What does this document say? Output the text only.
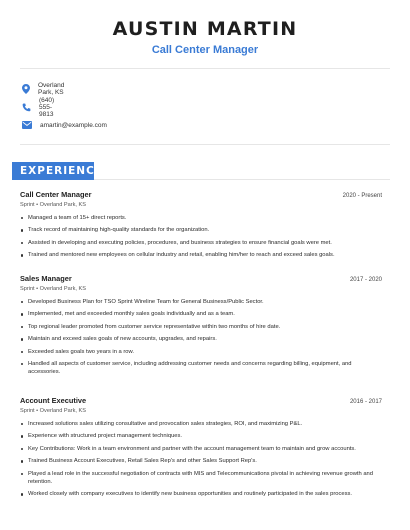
AUSTIN MARTIN
Call Center Manager
Overland Park, KS
(640) 555-9813
amartin@example.com
EXPERIENCE
Call Center Manager	2020 - Present
Sprint • Overland Park, KS
Managed a team of 15+ direct reports.
Track record of maintaining high-quality standards for the organization.
Assisted in developing and executing policies, procedures, and business strategies to ensure financial goals were met.
Trained and mentored new employees on cellular industry and retail, enabling him/her to reach and exceed sales goals.
Sales Manager	2017 - 2020
Sprint • Overland Park, KS
Developed Business Plan for TSO Sprint Wireline Team for General Business/Public Sector.
Implemented, met and exceeded monthly sales goals individually and as a team.
Top regional leader promoted from customer service representative within two months of hire date.
Maintain and exceed sales goals of new accounts, upgrades, and repairs.
Exceeded sales goals two years in a row.
Handled all aspects of customer service, including addressing customer needs and concerns regarding billing, equipment, and accessories.
Account Executive	2016 - 2017
Sprint • Overland Park, KS
Increased solutions sales utilizing consultative and provocation sales strategies, ROI, and maximizing P&L.
Experience with structured project management techniques.
Key Contributions: Work in a team environment and partner with the account management team to maintain and grow accounts.
Trained Business Account Executives, Retail Sales Rep's and other Sales Support Rep's.
Played a lead role in the successful negotiation of contracts with MIS and Telecommunications pivotal in achieving revenue growth and retention.
Worked closely with company executives to identify new business opportunities and routinely participated in the sales process.
